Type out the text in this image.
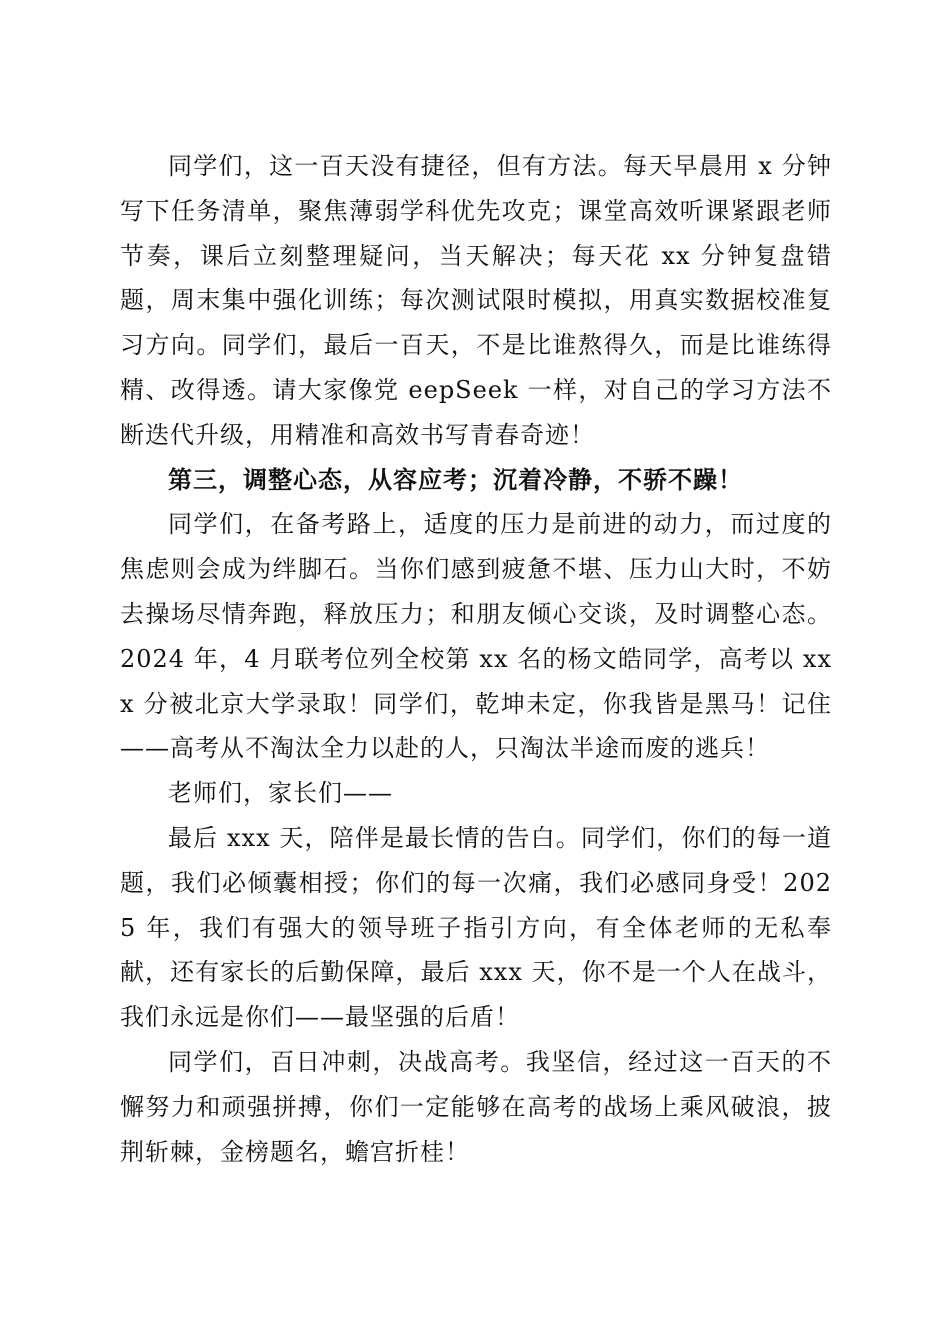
同学们，这一百天没有捷径，但有方法。每天早晨用 x 分钟写下任务清单，聚焦薄弱学科优先攻克；课堂高效听课紧跟老师节奏，课后立刻整理疑问，当天解决；每天花 xx 分钟复盘错题，周末集中强化训练；每次测试限时模拟，用真实数据校准复习方向。同学们，最后一百天，不是比谁熬得久，而是比谁练得精、改得透。请大家像党 eepSeek 一样，对自己的学习方法不断迭代升级，用精准和高效书写青春奇迹！

第三，调整心态，从容应考；沉着冷静，不骄不躁！

同学们，在备考路上，适度的压力是前进的动力，而过度的焦虑则会成为绊脚石。当你们感到疲惫不堪、压力山大时，不妨去操场尽情奔跑，释放压力；和朋友倾心交谈，及时调整心态。2024 年，4 月联考位列全校第 xx 名的杨文皓同学，高考以 xxx 分被北京大学录取！同学们，乾坤未定，你我皆是黑马！记住——高考从不淘汰全力以赴的人，只淘汰半途而废的逃兵！

老师们，家长们——

最后 xxx 天，陪伴是最长情的告白。同学们，你们的每一道题，我们必倾囊相授；你们的每一次痛，我们必感同身受！2025 年，我们有强大的领导班子指引方向，有全体老师的无私奉献，还有家长的后勤保障，最后 xxx 天，你不是一个人在战斗，我们永远是你们——最坚强的后盾！

同学们，百日冲刺，决战高考。我坚信，经过这一百天的不懈努力和顽强拼搏，你们一定能够在高考的战场上乘风破浪，披荆斩棘，金榜题名，蟾宫折桂！
